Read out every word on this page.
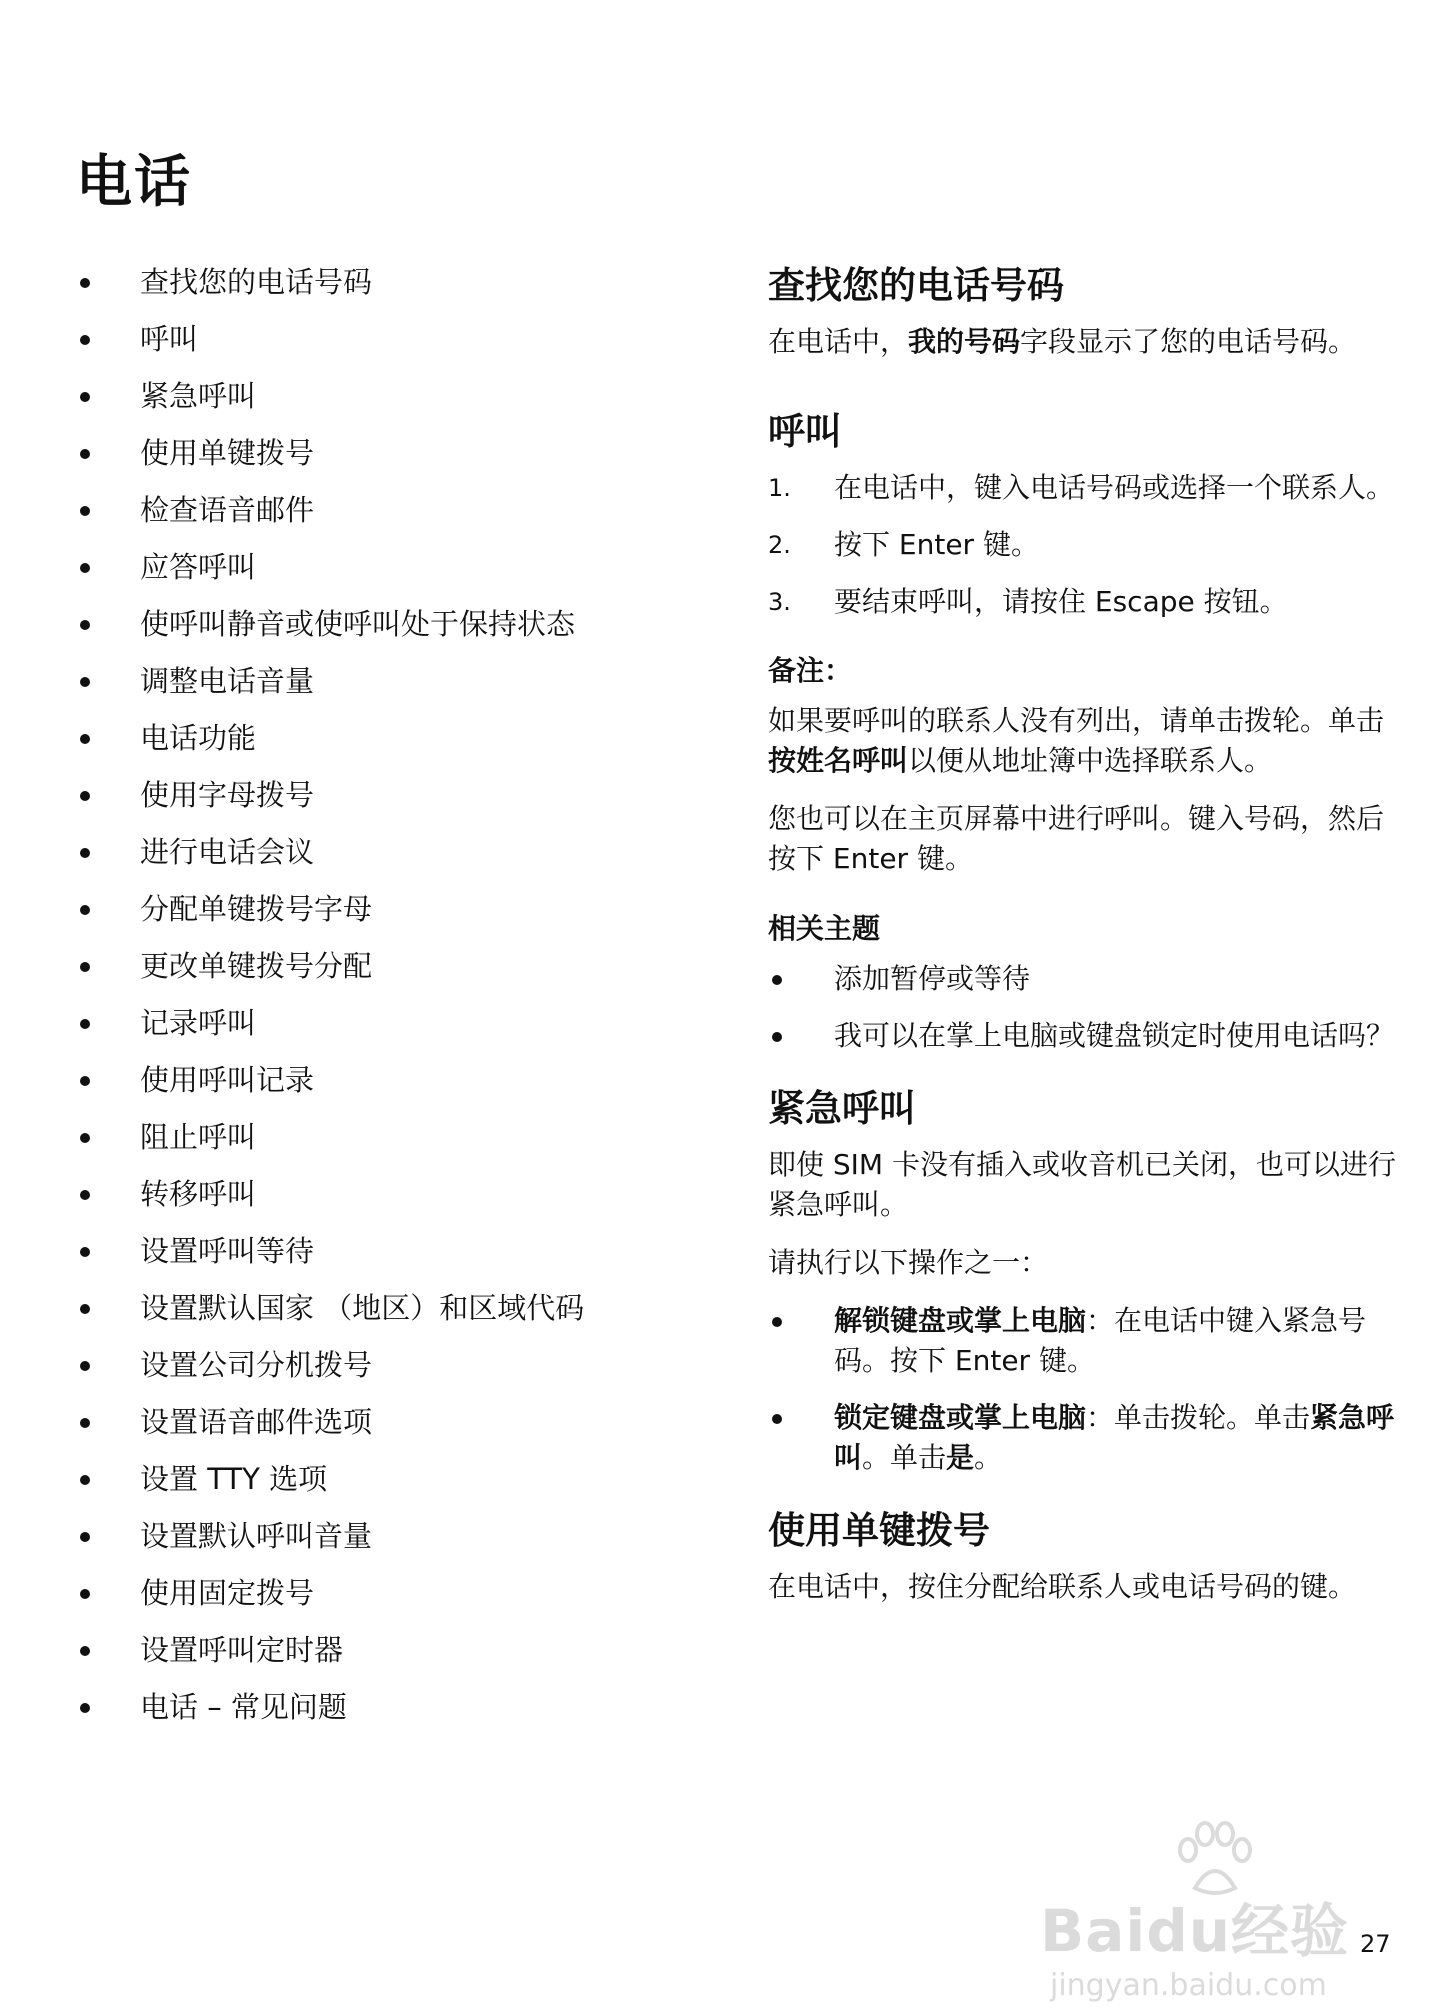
电话
查找您的电话号码
呼叫
紧急呼叫
使用单键拨号
检查语音邮件
应答呼叫
使呼叫静音或使呼叫处于保持状态
调整电话音量
电话功能
使用字母拨号
进行电话会议
分配单键拨号字母
更改单键拨号分配
记录呼叫
使用呼叫记录
阻止呼叫
转移呼叫
设置呼叫等待
设置默认国家 （地区）和区域代码
设置公司分机拨号
设置语音邮件选项
设置 TTY 选项
设置默认呼叫音量
使用固定拨号
设置呼叫定时器
电话 – 常见问题
查找您的电话号码

在电话中，我的号码字段显示了您的电话号码。

呼叫
1. 在电话中，键入电话号码或选择一个联系人。
2. 按下 Enter 键。
3. 要结束呼叫，请按住 Escape 按钮。
备注：

如果要呼叫的联系人没有列出，请单击拨轮。单击按姓名呼叫以便从地址簿中选择联系人。

您也可以在主页屏幕中进行呼叫。键入号码，然后按下 Enter 键。

相关主题
添加暂停或等待
我可以在掌上电脑或键盘锁定时使用电话吗？
紧急呼叫

即使 SIM 卡没有插入或收音机已关闭，也可以进行紧急呼叫。

请执行以下操作之一：

解锁键盘或掌上电脑：在电话中键入紧急号码。按下 Enter 键。
锁定键盘或掌上电脑：单击拨轮。单击紧急呼叫。单击是。
使用单键拨号

在电话中，按住分配给联系人或电话号码的键。

Baidu经验
jingyan.baidu.com
27
